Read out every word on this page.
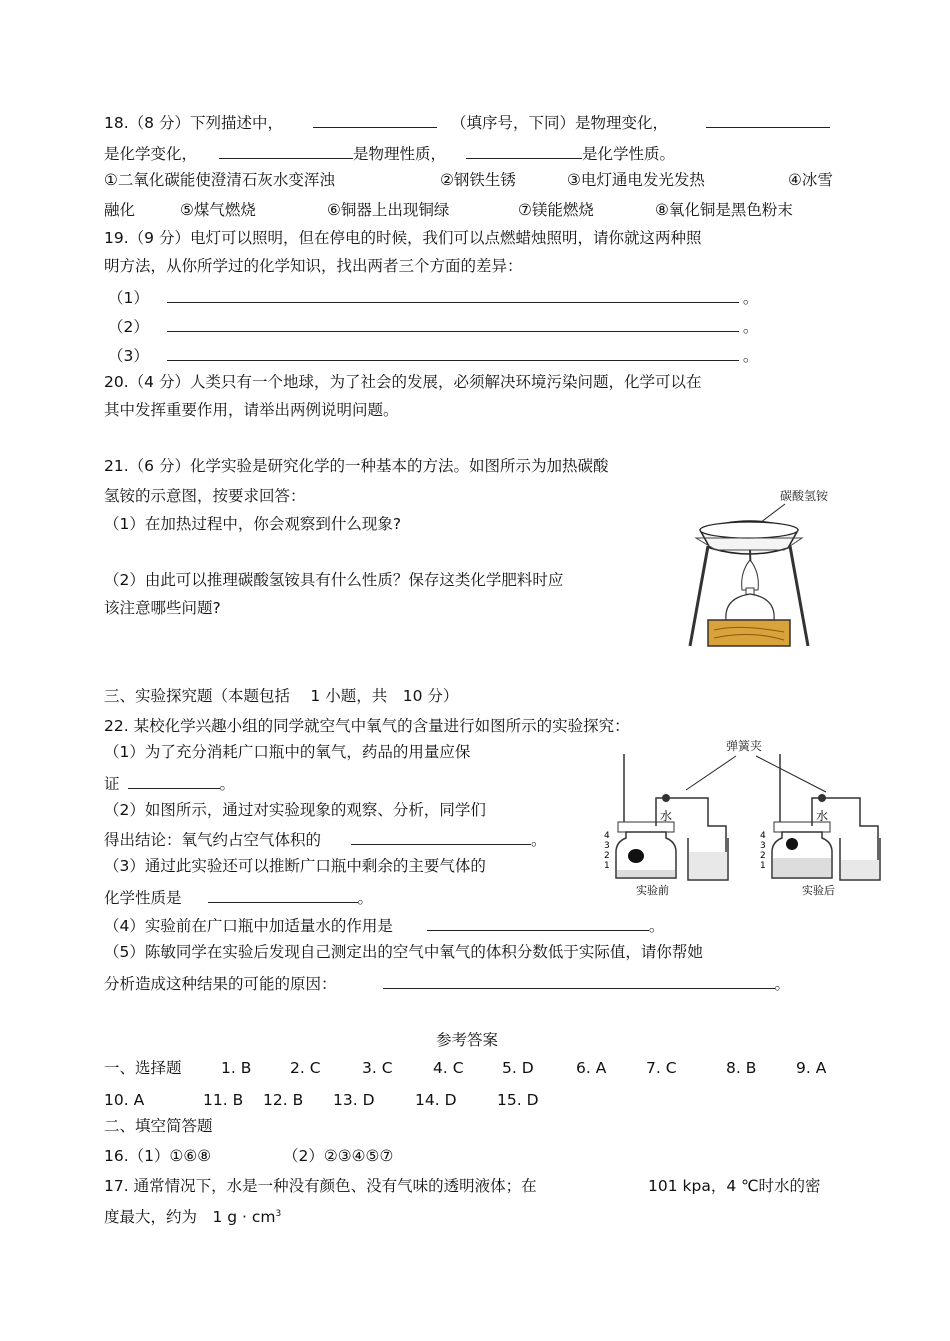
18.（8 分）下列描述中，	（填序号，下同）是物理变化，
是化学变化，	是物理性质，	是化学性质。
①二氧化碳能使澄清石灰水变浑浊	②钢铁生锈	③电灯通电发光发热	④冰雪
融化	⑤煤气燃烧	⑥铜器上出现铜绿	⑦镁能燃烧	⑧氧化铜是黑色粉末
19.（9 分）电灯可以照明，但在停电的时候，我们可以点燃蜡烛照明，请你就这两种照
明方法，从你所学过的化学知识，找出两者三个方面的差异：
（1）	。
（2）	。
（3）	。
20.（4 分）人类只有一个地球，为了社会的发展，必须解决环境污染问题，化学可以在
其中发挥重要作用，请举出两例说明问题。
21.（6 分）化学实验是研究化学的一种基本的方法。如图所示为加热碳酸
氢铵的示意图，按要求回答：
（1）在加热过程中，你会观察到什么现象?
（2）由此可以推理碳酸氢铵具有什么性质？保存这类化学肥料时应
该注意哪些问题?
碳酸氢铵
三、实验探究题（本题包括　 1 小题，共　10 分）
22. 某校化学兴趣小组的同学就空气中氧气的含量进行如图所示的实验探究：
（1）为了充分消耗广口瓶中的氧气，药品的用量应保
证	。
（2）如图所示，通过对实验现象的观察、分析，同学们
得出结论：氧气约占空气体积的	。
（3）通过此实验还可以推断广口瓶中剩余的主要气体的
化学性质是	。
（4）实验前在广口瓶中加适量水的作用是	。
（5）陈敏同学在实验后发现自己测定出的空气中氧气的体积分数低于实际值，请你帮她
分析造成这种结果的可能的原因：	。
弹簧夹
水
4
3
2
1
实验前
水
4
3
2
1
实验后
参考答案
一、选择题	1. B 2. C	3. C	4. C 5. D	6. A	7. C	8. B	9. A
10. A	11. B 12. B 13. D	14. D	15. D
二、填空简答题
16.（1）①⑥⑧	（2）②③④⑤⑦
17. 通常情况下，水是一种没有颜色、没有气味的透明液体；在	101 kpa，4 ℃时水的密
度最大，约为　1 $g \cdot cm^3$
